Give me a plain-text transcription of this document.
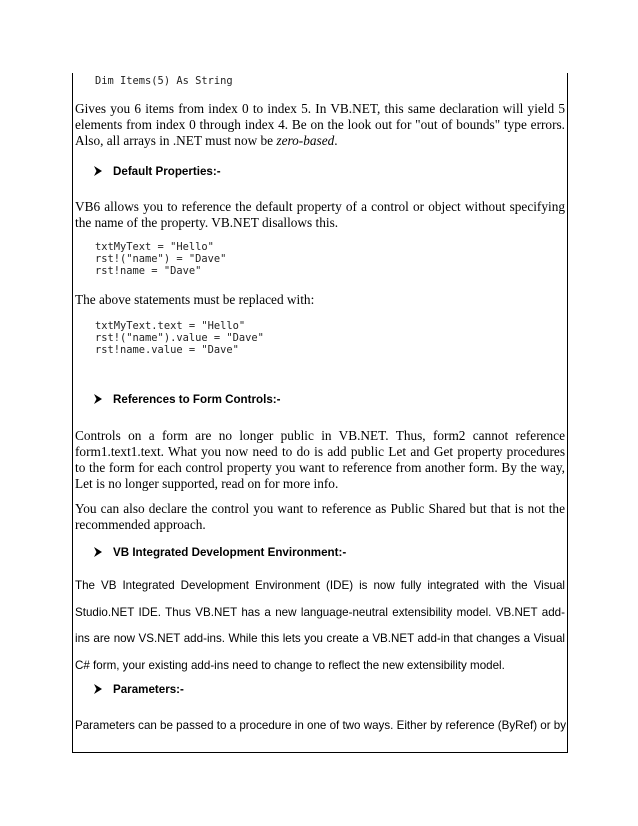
Dim Items(5) As String

Gives you 6 items from index 0 to index 5. In VB.NET, this same declaration will yield 5 elements from index 0 through index 4. Be on the look out for "out of bounds" type errors. Also, all arrays in .NET must now be zero-based.

Default Properties:-

VB6 allows you to reference the default property of a control or object without specifying the name of the property. VB.NET disallows this.

txtMyText = "Hello"
rst!("name") = "Dave"
rst!name = "Dave"

The above statements must be replaced with:

txtMyText.text = "Hello"
rst!("name").value = "Dave"
rst!name.value = "Dave"
References to Form Controls:-

Controls on a form are no longer public in VB.NET. Thus, form2 cannot reference form1.text1.text. What you now need to do is add public Let and Get property procedures to the form for each control property you want to reference from another form. By the way, Let is no longer supported, read on for more info.

You can also declare the control you want to reference as Public Shared but that is not the recommended approach.

VB Integrated Development Environment:-

The VB Integrated Development Environment (IDE) is now fully integrated with the Visual Studio.NET IDE. Thus VB.NET has a new language-neutral extensibility model. VB.NET add-ins are now VS.NET add-ins. While this lets you create a VB.NET add-in that changes a Visual C# form, your existing add-ins need to change to reflect the new extensibility model.

Parameters:-

Parameters can be passed to a procedure in one of two ways. Either by reference (ByRef) or by
